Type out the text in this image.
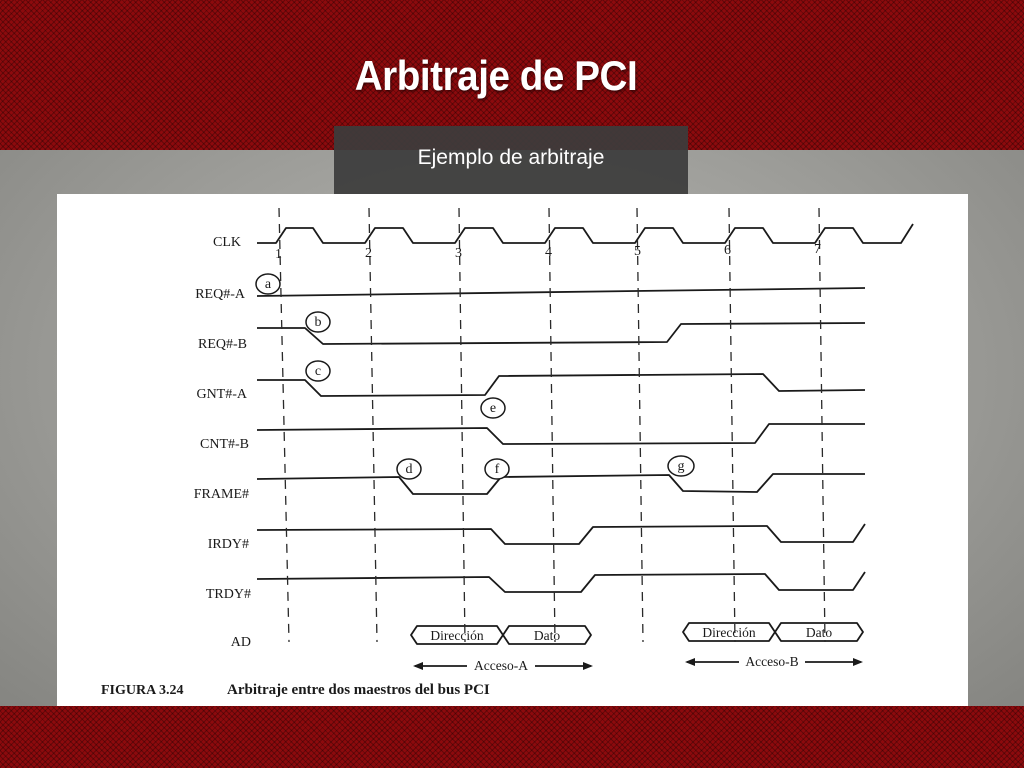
Arbitraje de PCI
Ejemplo de arbitraje
CLK
REQ#-A
REQ#-B
GNT#-A
CNT#-B
FRAME#
IRDY#
TRDY#
AD
1	2	3	4	5	6	7
a
b
c
d
e
f	g
Dirección	Dato	Dirección	Dato
Acceso-A	Acceso-B
FIGURA 3.24	Arbitraje entre dos maestros del bus PCI
